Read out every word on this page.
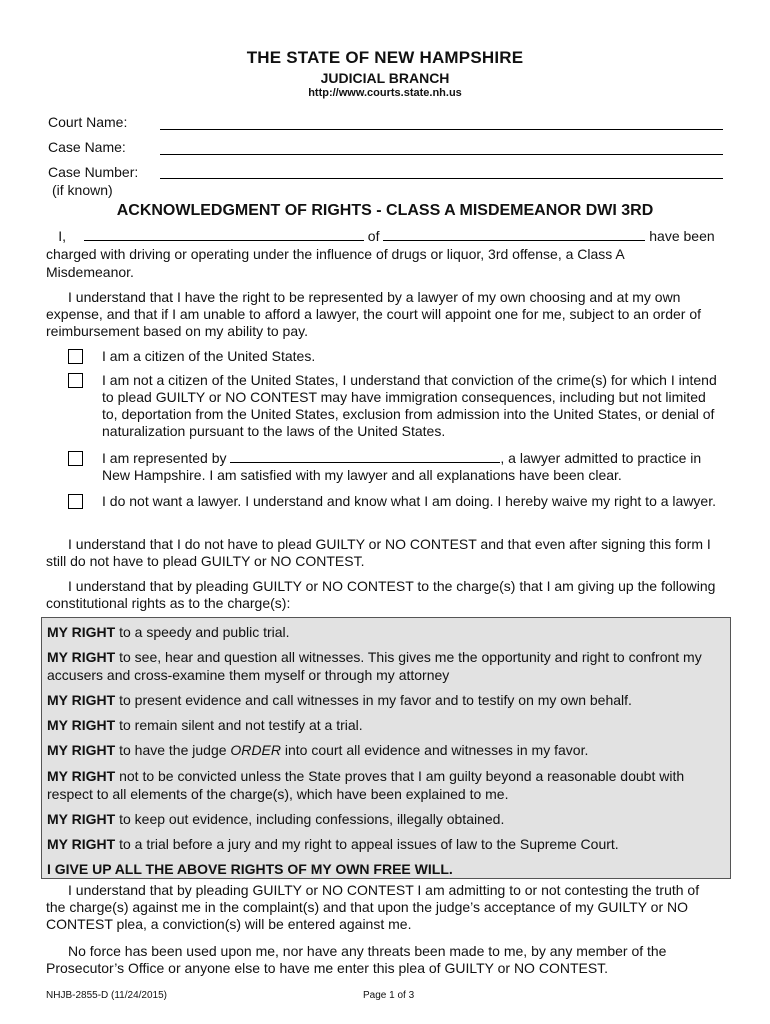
THE STATE OF NEW HAMPSHIRE
JUDICIAL BRANCH
http://www.courts.state.nh.us
Court Name:
Case Name:
Case Number:
(if known)
ACKNOWLEDGMENT OF RIGHTS - CLASS A MISDEMEANOR DWI 3RD
I,	of	have been
charged with driving or operating under the influence of drugs or liquor, 3rd offense, a Class A
Misdemeanor.
I understand that I have the right to be represented by a lawyer of my own choosing and at my own expense, and that if I am unable to afford a lawyer, the court will appoint one for me, subject to an order of reimbursement based on my ability to pay.
I am a citizen of the United States.
I am not a citizen of the United States, I understand that conviction of the crime(s) for which I intend to plead GUILTY or NO CONTEST may have immigration consequences, including but not limited to, deportation from the United States, exclusion from admission into the United States, or denial of naturalization pursuant to the laws of the United States.
I am represented by	, a lawyer admitted to practice in New Hampshire. I am satisfied with my lawyer and all explanations have been clear.
I do not want a lawyer. I understand and know what I am doing. I hereby waive my right to a lawyer.
I understand that I do not have to plead GUILTY or NO CONTEST and that even after signing this form I still do not have to plead GUILTY or NO CONTEST.
I understand that by pleading GUILTY or NO CONTEST to the charge(s) that I am giving up the following constitutional rights as to the charge(s):
MY RIGHT to a speedy and public trial.
MY RIGHT to see, hear and question all witnesses. This gives me the opportunity and right to confront my accusers and cross-examine them myself or through my attorney
MY RIGHT to present evidence and call witnesses in my favor and to testify on my own behalf.
MY RIGHT to remain silent and not testify at a trial.
MY RIGHT to have the judge ORDER into court all evidence and witnesses in my favor.
MY RIGHT not to be convicted unless the State proves that I am guilty beyond a reasonable doubt with respect to all elements of the charge(s), which have been explained to me.
MY RIGHT to keep out evidence, including confessions, illegally obtained.
MY RIGHT to a trial before a jury and my right to appeal issues of law to the Supreme Court.
I GIVE UP ALL THE ABOVE RIGHTS OF MY OWN FREE WILL.
I understand that by pleading GUILTY or NO CONTEST I am admitting to or not contesting the truth of the charge(s) against me in the complaint(s) and that upon the judge’s acceptance of my GUILTY or NO CONTEST plea, a conviction(s) will be entered against me.
No force has been used upon me, nor have any threats been made to me, by any member of the Prosecutor’s Office or anyone else to have me enter this plea of GUILTY or NO CONTEST.
NHJB-2855-D (11/24/2015)	Page 1 of 3
